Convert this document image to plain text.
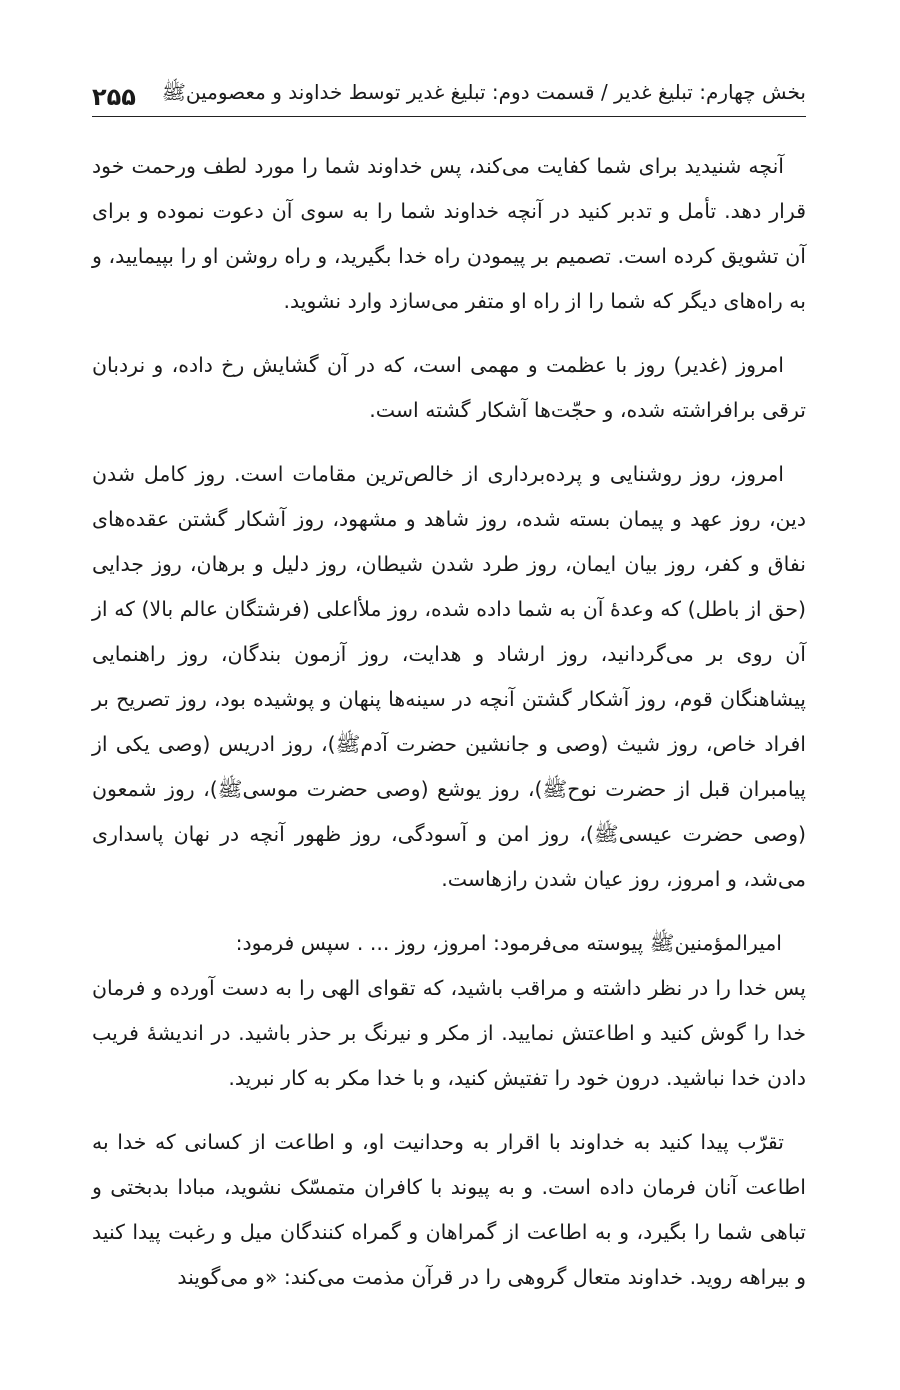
بخش چهارم: تبلیغ غدیر / قسمت دوم: تبلیغ غدیر توسط خداوند و معصومینﷺ
۲۵۵

آنچه شنیدید برای شما کفایت می‌کند، پس خداوند شما را مورد لطف ورحمت خود قرار دهد. تأمل و تدبر کنید در آنچه خداوند شما را به سوی آن دعوت نموده و برای آن تشویق کرده است. تصمیم بر پیمودن راه خدا بگیرید، و راه روشن او را بپیمایید، و به راه‌های دیگر که شما را از راه او متفر می‌سازد وارد نشوید.

امروز (غدیر) روز با عظمت و مهمی است، که در آن گشایش رخ داده، و نردبان ترقی برافراشته شده، و حجّت‌ها آشکار گشته است.

امروز، روز روشنایی و پرده‌برداری از خالص‌ترین مقامات است. روز کامل شدن دین، روز عهد و پیمان بسته شده، روز شاهد و مشهود، روز آشکار گشتن عقده‌های نفاق و کفر، روز بیان ایمان، روز طرد شدن شیطان، روز دلیل و برهان، روز جدایی (حق از باطل) که وعدهٔ آن به شما داده شده، روز ملأاعلی (فرشتگان عالم بالا) که از آن روی بر می‌گردانید، روز ارشاد و هدایت، روز آزمون بندگان، روز راهنمایی پیشاهنگان قوم، روز آشکار گشتن آنچه در سینه‌ها پنهان و پوشیده بود، روز تصریح بر افراد خاص، روز شیث (وصی و جانشین حضرت آدمﷺ)، روز ادریس (وصی یکی از پیامبران قبل از حضرت نوحﷺ)، روز یوشع (وصی حضرت موسیﷺ)، روز شمعون (وصی حضرت عیسیﷺ)، روز امن و آسودگی، روز ظهور آنچه در نهان پاسداری می‌شد، و امروز، روز عیان شدن رازهاست.

امیرالمؤمنینﷺ پیوسته می‌فرمود: امروز، روز ... . سپس فرمود:

پس خدا را در نظر داشته و مراقب باشید، که تقوای الهی را به دست آورده و فرمان خدا را گوش کنید و اطاعتش نمایید. از مکر و نیرنگ بر حذر باشید. در اندیشهٔ فریب دادن خدا نباشید. درون خود را تفتیش کنید، و با خدا مکر به کار نبرید.

تقرّب پیدا کنید به خداوند با اقرار به وحدانیت او، و اطاعت از کسانی که خدا به اطاعت آنان فرمان داده است. و به پیوند با کافران متمسّک نشوید، مبادا بدبختی و تباهی شما را بگیرد، و به اطاعت از گمراهان و گمراه کنندگان میل و رغبت پیدا کنید و بیراهه روید. خداوند متعال گروهی را در قرآن مذمت می‌کند: «و می‌گویند
